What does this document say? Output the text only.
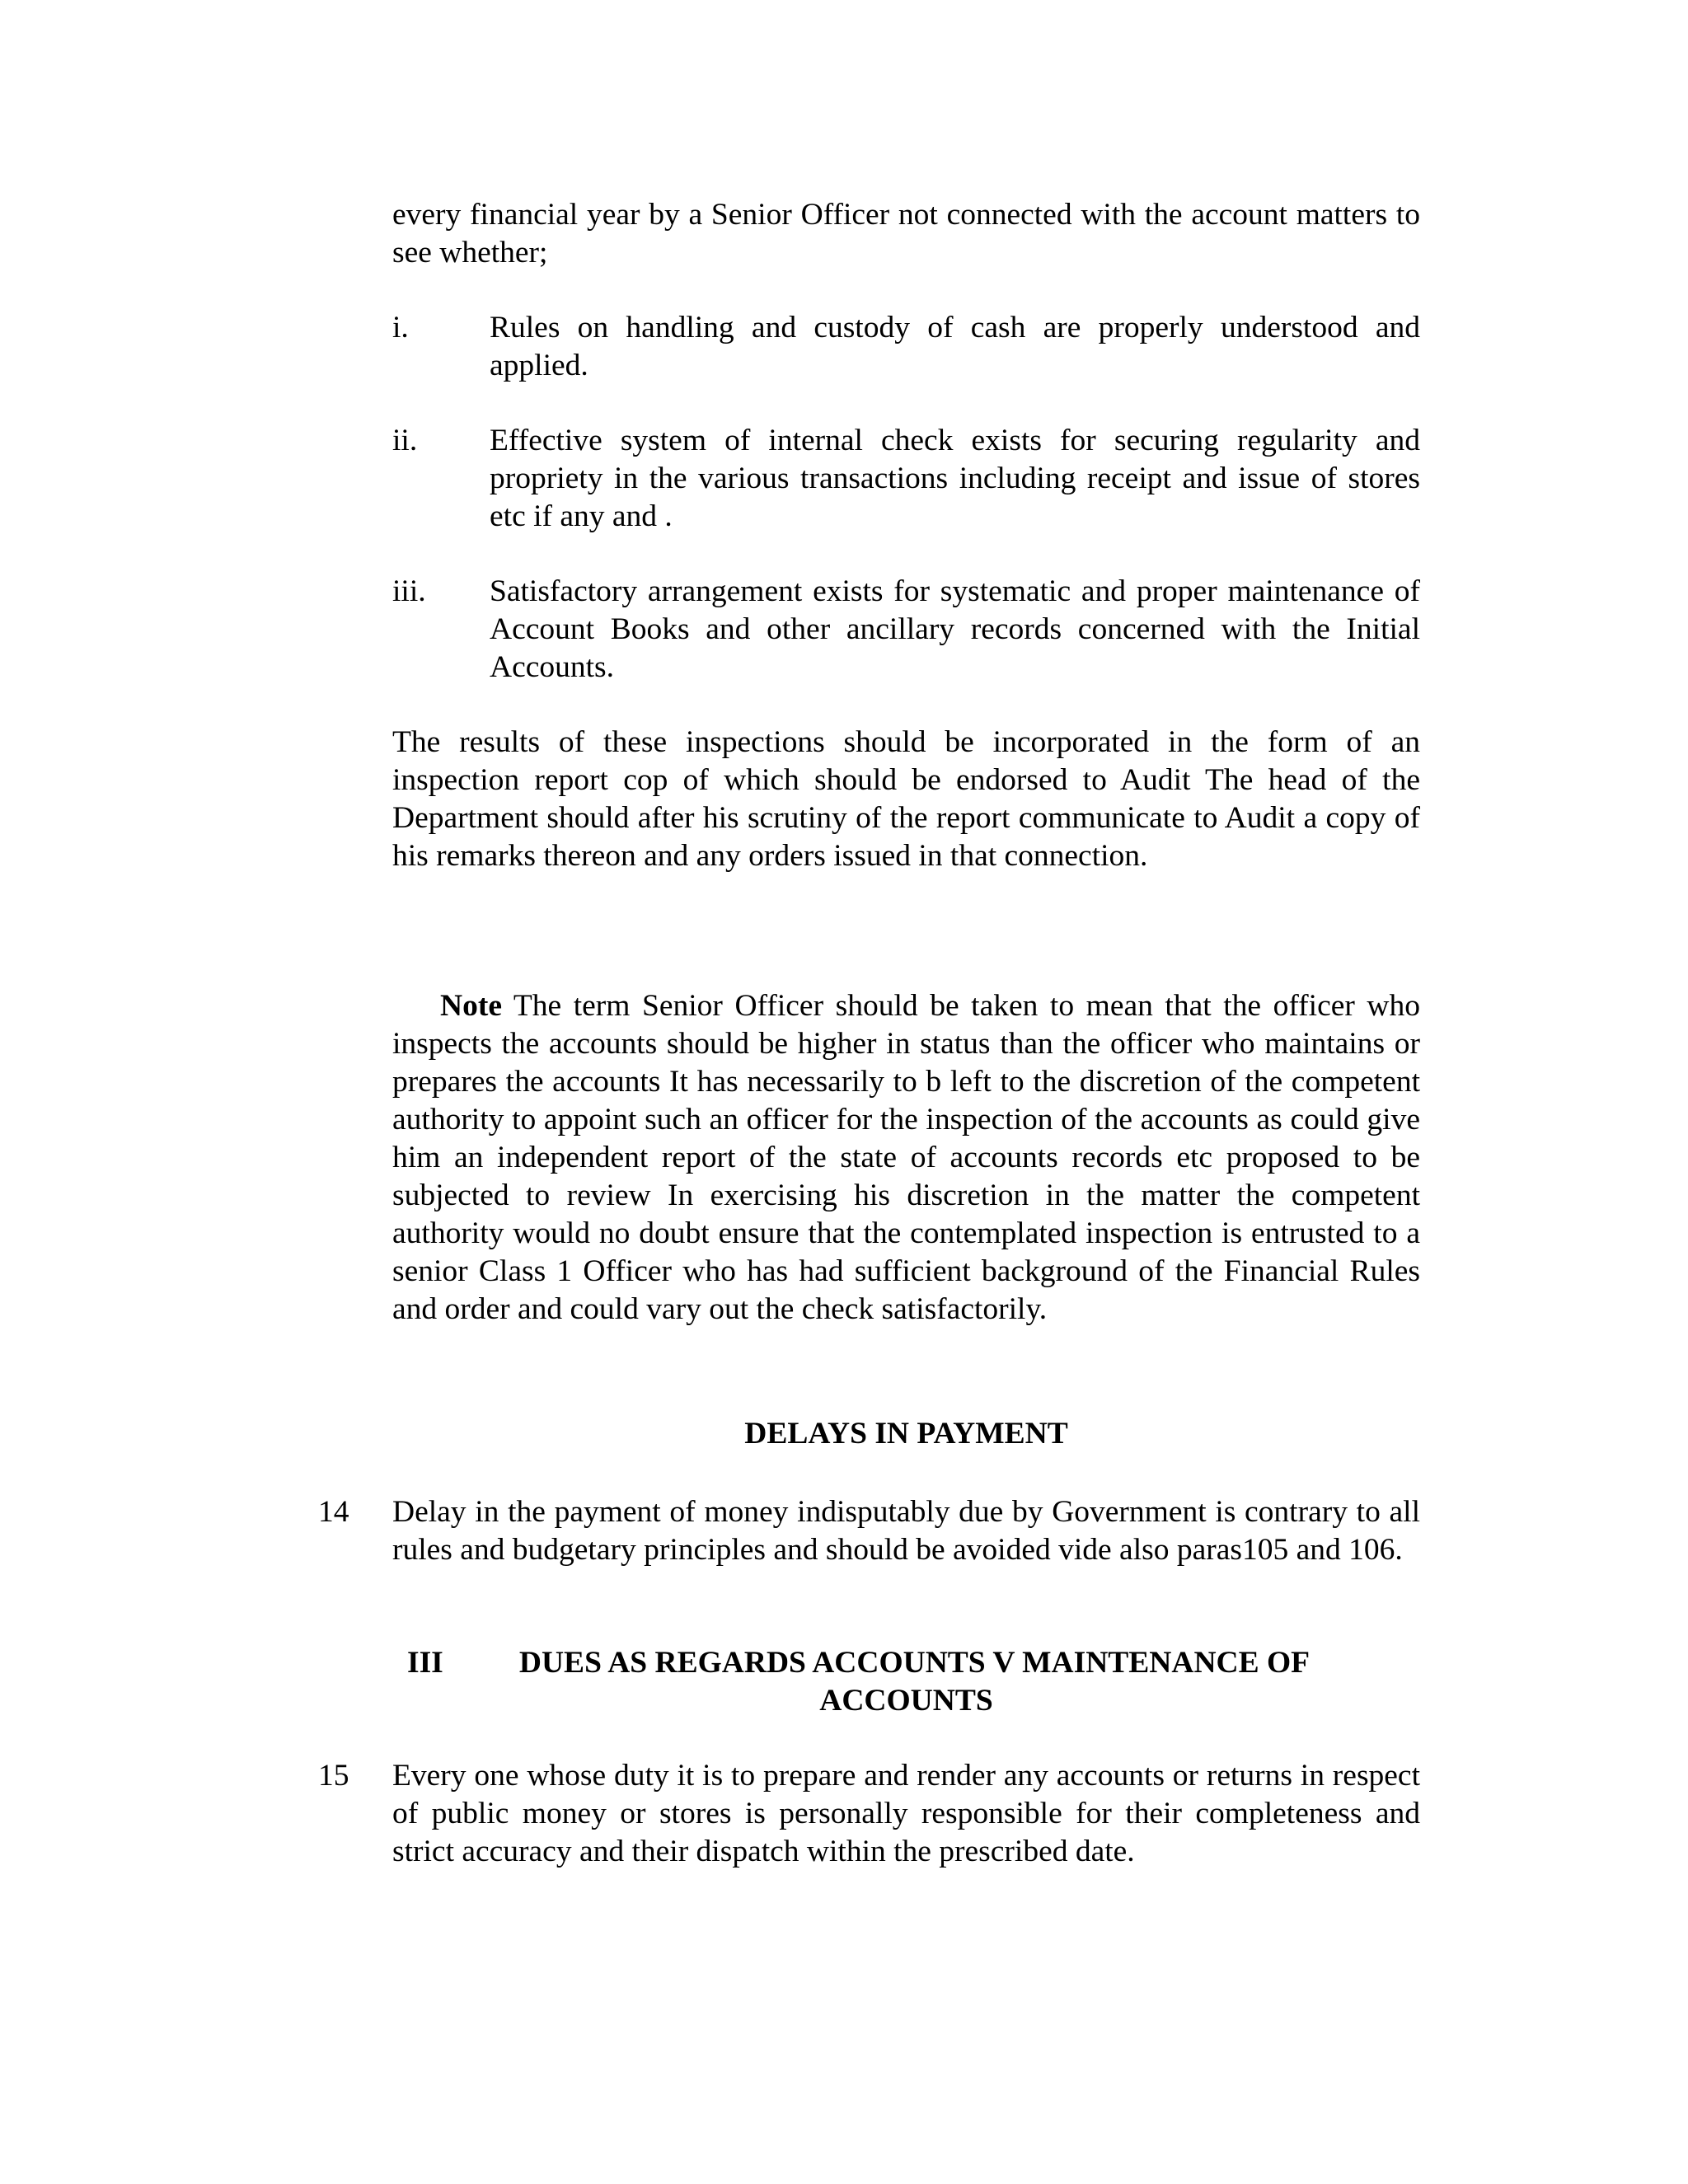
every financial year by a Senior Officer not connected with the account matters to see whether;
i.	Rules on handling and custody of cash are properly understood and applied.
ii. Effective system of internal check exists for securing regularity and propriety in the various transactions including receipt and issue of stores etc if any and .
iii. Satisfactory arrangement exists for systematic and proper maintenance of Account Books and other ancillary records concerned with the Initial Accounts.
The results of these inspections should be incorporated in the form of an inspection report cop of which should be endorsed to Audit The head of the Department should after his scrutiny of the report communicate to Audit a copy of his remarks thereon and any orders issued in that connection.
Note The term Senior Officer should be taken to mean that the officer who inspects the accounts should be higher in status than the officer who maintains or prepares the accounts It has necessarily to b left to the discretion of the competent authority to appoint such an officer for the inspection of the accounts as could give him an independent report of the state of accounts records etc proposed to be subjected to review In exercising his discretion in the matter the competent authority would no doubt ensure that the contemplated inspection is entrusted to a senior Class 1 Officer who has had sufficient background of the Financial Rules and order and could vary out the check satisfactorily.
DELAYS IN PAYMENT
14 Delay in the payment of money indisputably due by Government is contrary to all rules and budgetary principles and should be avoided vide also paras105 and 106.
III	DUES AS REGARDS ACCOUNTS V MAINTENANCE OF
ACCOUNTS
15 Every one whose duty it is to prepare and render any accounts or returns in respect of public money or stores is personally responsible for their completeness and strict accuracy and their dispatch within the prescribed date.
